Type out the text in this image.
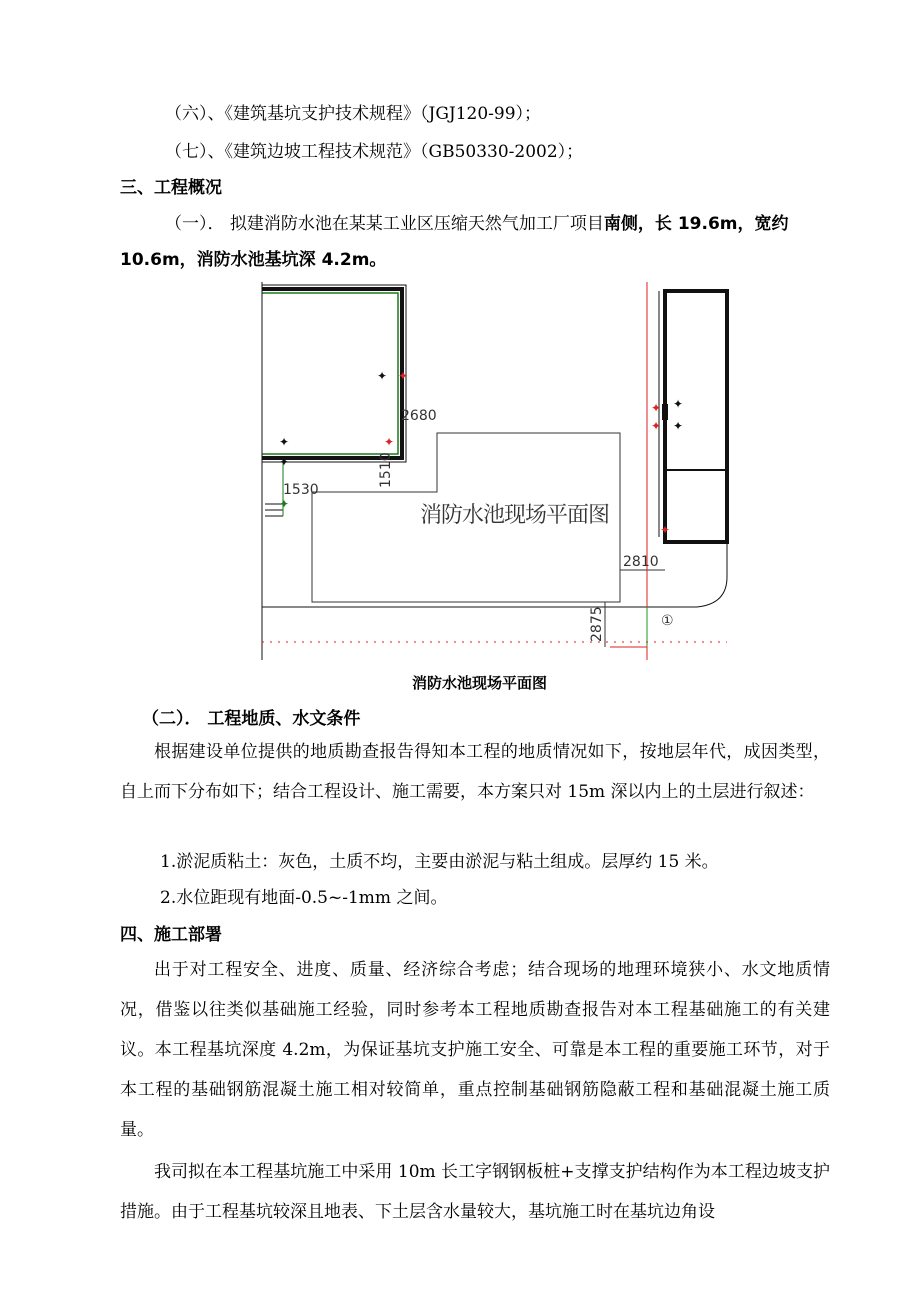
（六）、《建筑基坑支护技术规程》（JGJ120-99）；
（七）、《建筑边坡工程技术规范》（GB50330-2002）；
三、工程概况
（一）． 拟建消防水池在某某工业区压缩天然气加工厂项目南侧，长 19.6m，宽约
10.6m，消防水池基坑深 4.2m。
2680
1510
1530
2810
2875	①
消防水池现场平面图
✦ ✦
✦	✦
✦
✦
✦
✦
✦
✦
✦
消防水池现场平面图
（二）． 工程地质、水文条件
根据建设单位提供的地质勘查报告得知本工程的地质情况如下，按地层年代，成因类型，自上而下分布如下；结合工程设计、施工需要，本方案只对 15m 深以内上的土层进行叙述：
1.淤泥质粘土：灰色，土质不均，主要由淤泥与粘土组成。层厚约 15 米。
2.水位距现有地面-0.5~-1mm 之间。
四、施工部署
出于对工程安全、进度、质量、经济综合考虑；结合现场的地理环境狭小、水文地质情况，借鉴以往类似基础施工经验，同时参考本工程地质勘查报告对本工程基础施工的有关建议。本工程基坑深度 4.2m，为保证基坑支护施工安全、可靠是本工程的重要施工环节，对于本工程的基础钢筋混凝土施工相对较简单，重点控制基础钢筋隐蔽工程和基础混凝土施工质量。
我司拟在本工程基坑施工中采用 10m 长工字钢钢板桩+支撑支护结构作为本工程边坡支护措施。由于工程基坑较深且地表、下土层含水量较大，基坑施工时在基坑边角设
